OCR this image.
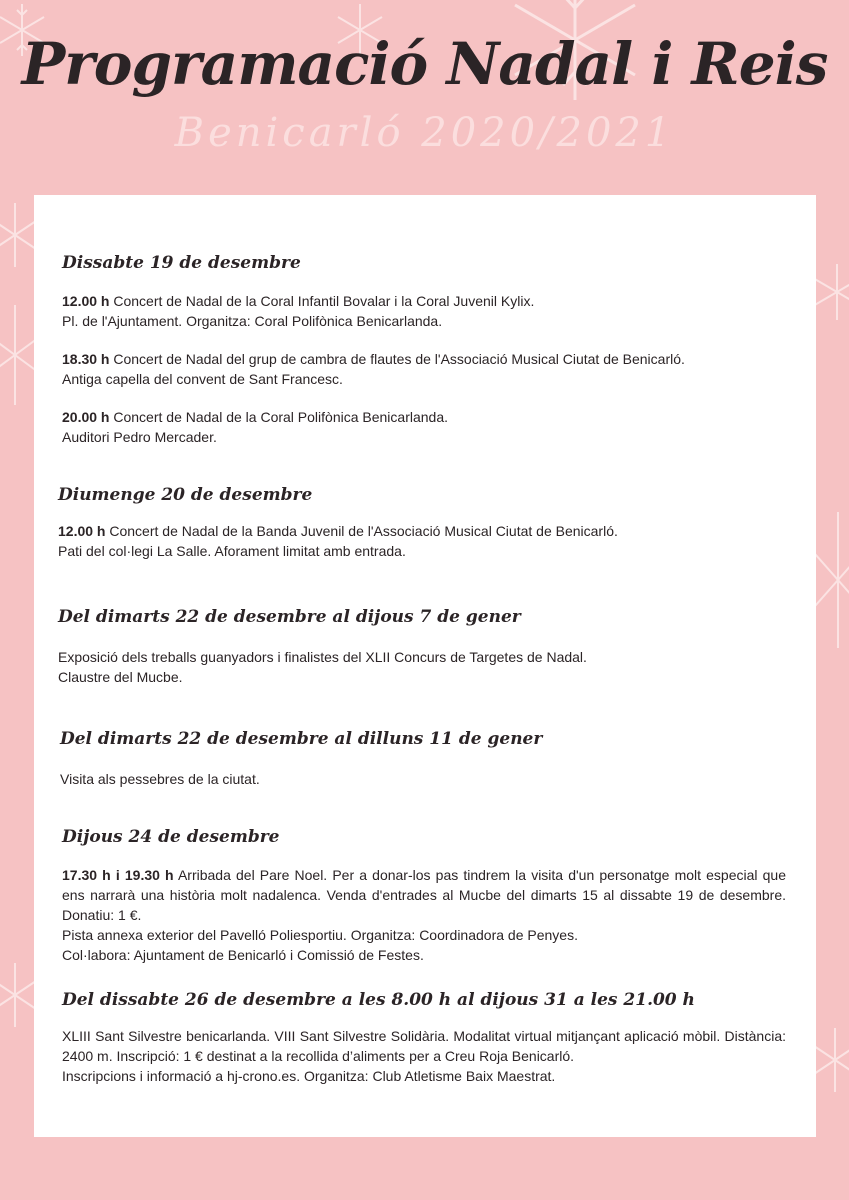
Programació Nadal i Reis
Benicarló 2020/2021
Dissabte 19 de desembre
12.00 h Concert de Nadal de la Coral Infantil Bovalar i la Coral Juvenil Kylix.
Pl. de l'Ajuntament. Organitza: Coral Polifònica Benicarlanda.
18.30 h Concert de Nadal del grup de cambra de flautes de l'Associació Musical Ciutat de Benicarló.
Antiga capella del convent de Sant Francesc.
20.00 h Concert de Nadal de la Coral Polifònica Benicarlanda.
Auditori Pedro Mercader.
Diumenge 20 de desembre
12.00 h Concert de Nadal de la Banda Juvenil de l'Associació Musical Ciutat de Benicarló.
Pati del col·legi La Salle. Aforament limitat amb entrada.
Del dimarts 22 de desembre al dijous 7 de gener
Exposició dels treballs guanyadors i finalistes del XLII Concurs de Targetes de Nadal.
Claustre del Mucbe.
Del dimarts 22 de desembre al dilluns 11 de gener
Visita als pessebres de la ciutat.
Dijous 24 de desembre
17.30 h i 19.30 h Arribada del Pare Noel. Per a donar-los pas tindrem la visita d'un personatge molt especial que ens narrarà una història molt nadalenca. Venda d'entrades al Mucbe del dimarts 15 al dissabte 19 de desembre. Donatiu: 1 €.
Pista annexa exterior del Pavelló Poliesportiu. Organitza: Coordinadora de Penyes.
Col·labora: Ajuntament de Benicarló i Comissió de Festes.
Del dissabte 26 de desembre a les 8.00 h al dijous 31 a les 21.00 h
XLIII Sant Silvestre benicarlanda. VIII Sant Silvestre Solidària. Modalitat virtual mitjançant aplicació mòbil. Distància: 2400 m. Inscripció: 1 € destinat a la recollida d’aliments per a Creu Roja Benicarló.
Inscripcions i informació a hj-crono.es. Organitza: Club Atletisme Baix Maestrat.
